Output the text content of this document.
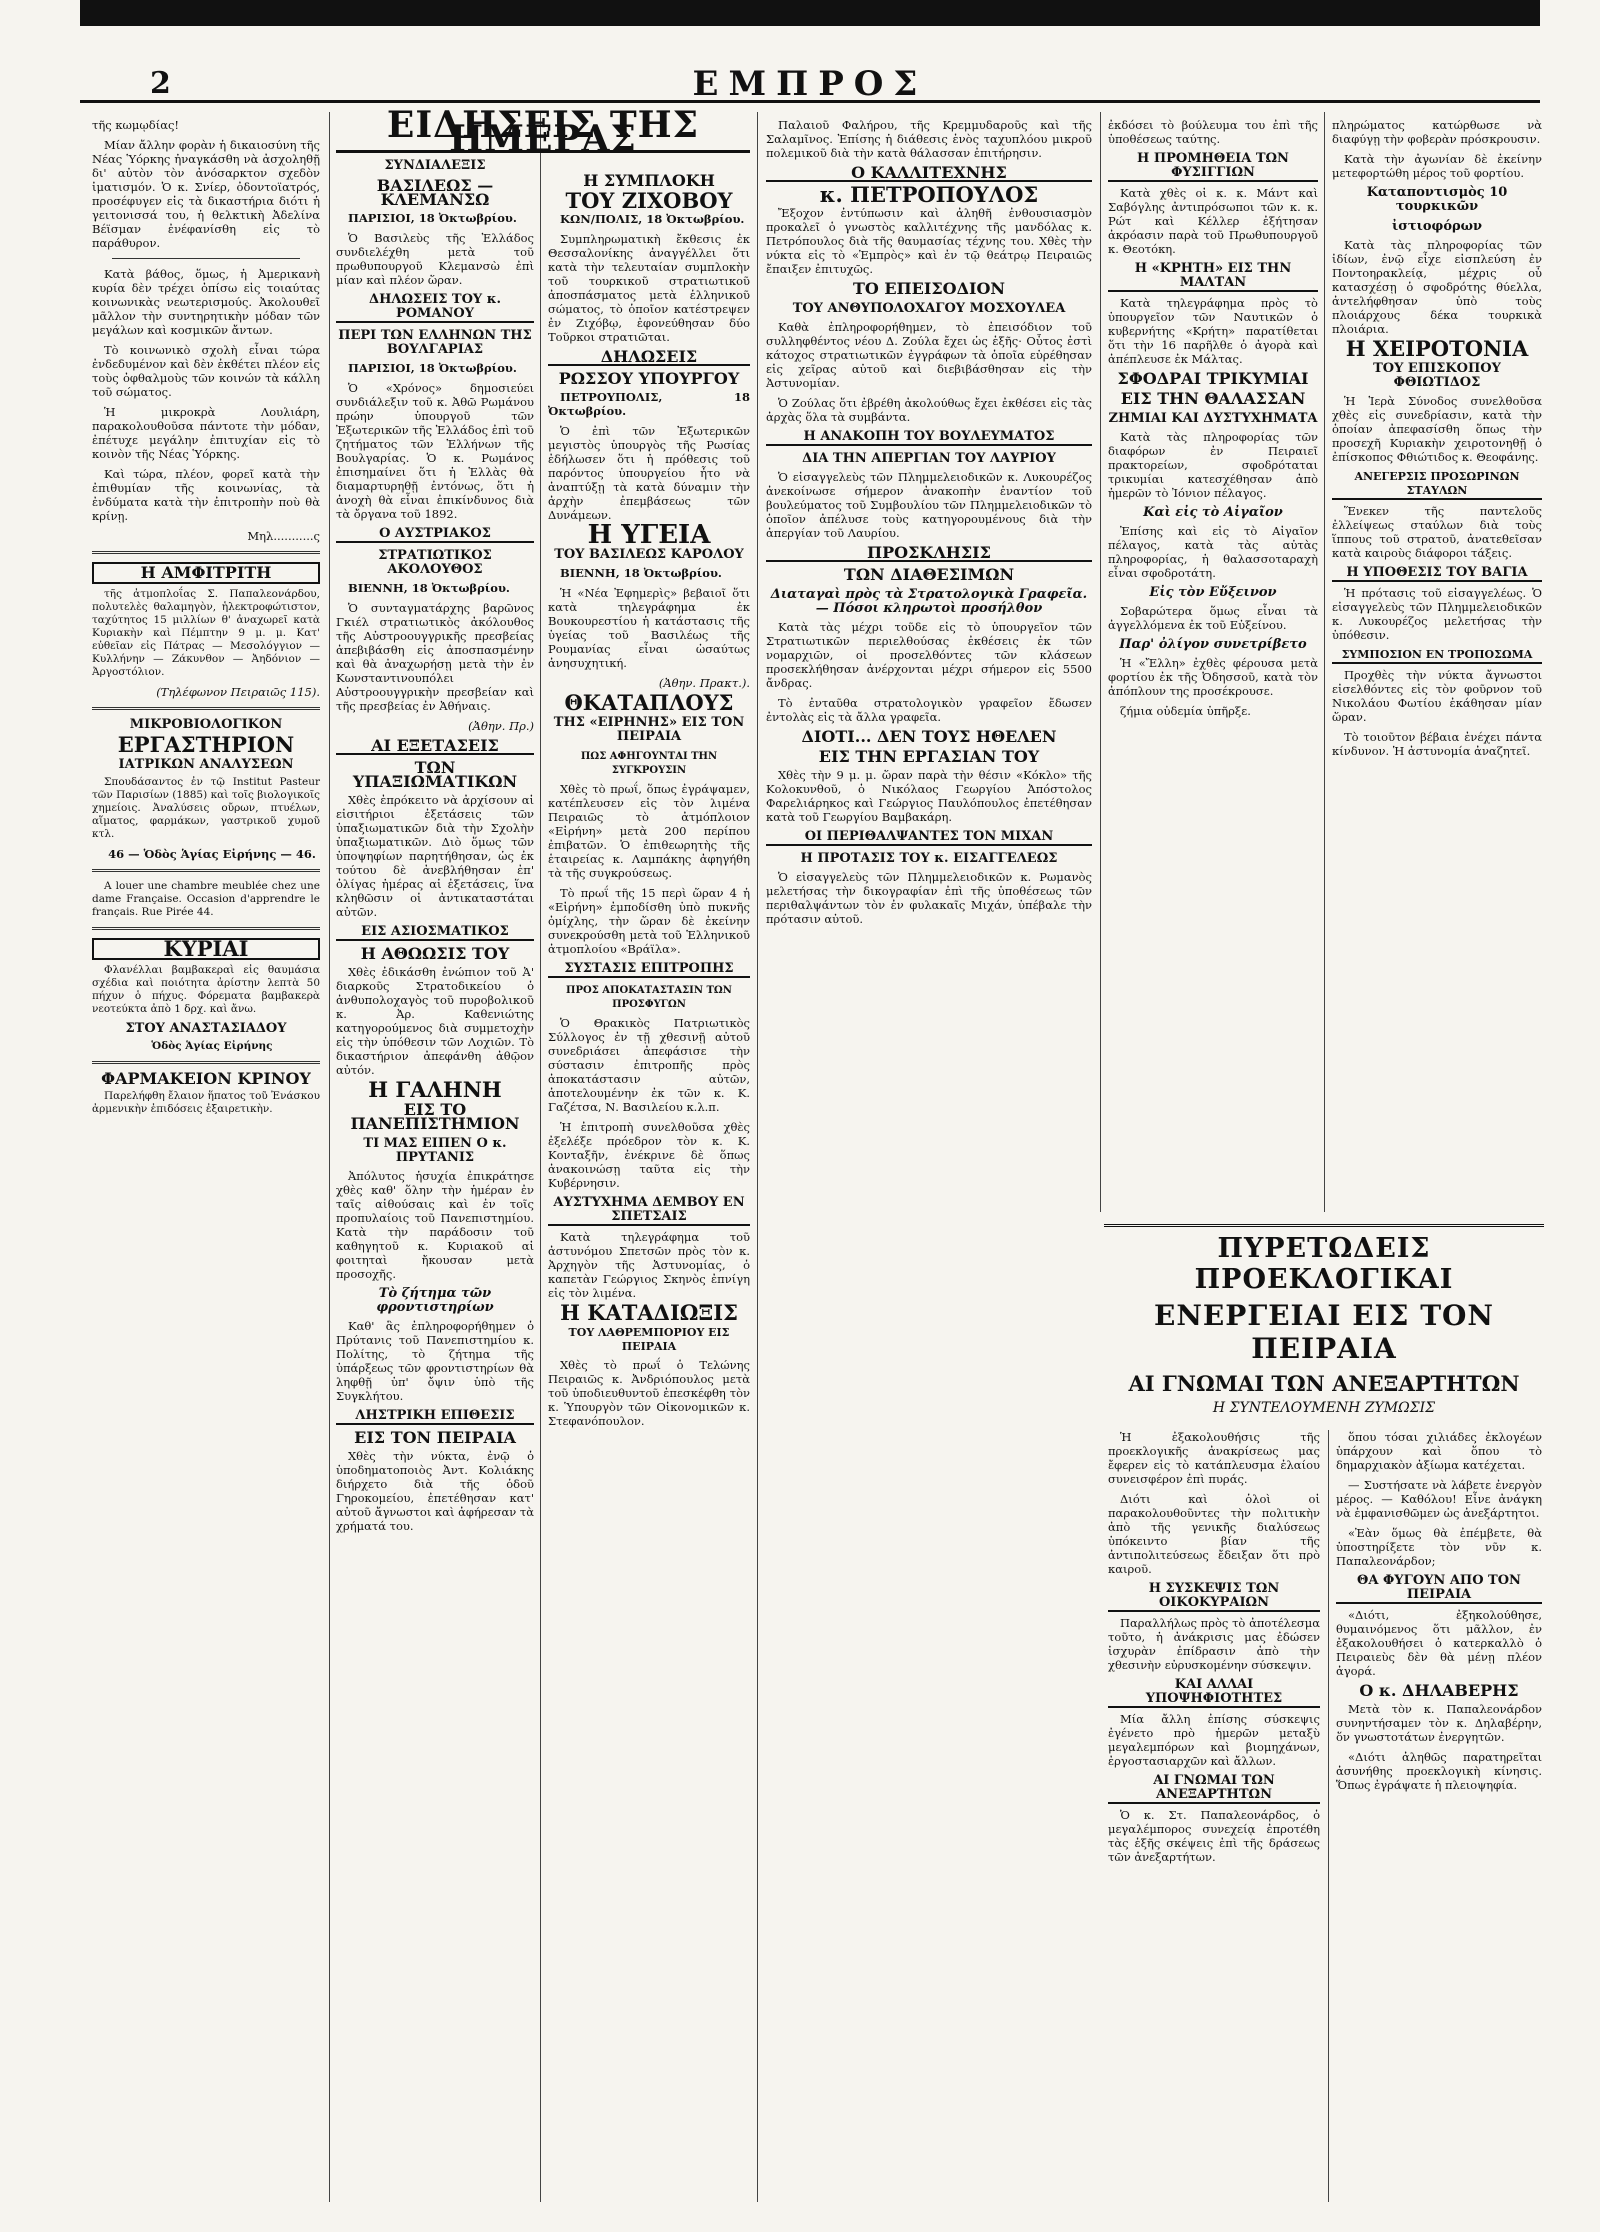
2	ΕΜΠΡΟΣ

τῆς κωμῳδίας!

Μίαν ἄλλην φορὰν ἡ δικαιοσύνη τῆς Νέας Ὑόρκης ἠναγκάσθη νὰ ἀσχοληθῇ δι' αὐτὸν τὸν ἀνόσαρκτον σχεδὸν ἰματισμόν. Ὁ κ. Σνίερ, ὀδοντοϊατρός, προσέφυγεν εἰς τὰ δικαστήρια διότι ἡ γειτονισσά του, ἡ θελκτικὴ Ἀδελίνα Βέϊσμαν ἐνέφανίσθη εἰς τὸ παράθυρον.

Κατὰ βάθος, ὅμως, ἡ Ἀμερικανὴ κυρία δὲν τρέχει ὀπίσω εἰς τοιαύτας κοινωνικὰς νεωτερισμούς. Ἀκολουθεῖ μᾶλλον τὴν συντηρητικὴν μόδαν τῶν μεγάλων καὶ κοσμικῶν ἄντων.

Τὸ κοινωνικὸ σχολὴ εἶναι τώρα ἐνδεδυμένον καὶ δὲν ἐκθέτει πλέον εἰς τοὺς ὀφθαλμοὺς τῶν κοινών τὰ κάλλη τοῦ σώματος.

Ἡ μικροκρὰ Λουλιάρη, παρακολουθοῦσα πάντοτε τὴν μόδαν, ἐπέτυχε μεγάλην ἐπιτυχίαν εἰς τὸ κοινὸν τῆς Νέας Ὑόρκης.

Καὶ τώρα, πλέον, φορεῖ κατὰ τὴν ἐπιθυμίαν τῆς κοινωνίας, τὰ ἐνδύματα κατὰ τὴν ἐπιτροπὴν ποὺ θὰ κρίνῃ.

Μηλ...........ς

Η ΑΜΦΙΤΡΙΤΗ

τῆς ἀτμοπλοΐας Σ. Παπαλεονάρδου, πολυτελὲς θαλαμηγὸν, ἡλεκτροφώτιστον, ταχύτητος 15 μιλλίων θ' ἀναχωρεῖ κατὰ Κυριακὴν καὶ Πέμπτην 9 μ. μ. Κατ' εὐθεῖαν εἰς Πάτρας — Μεσολόγγιον — Κυλλήνην — Ζάκυνθον — Ἀηδόνιον — Ἀργοστόλιον.

(Τηλέφωνον Πειραιῶς 115).

ΜΙΚΡΟΒΙΟΛΟΓΙΚΟΝ
ΕΡΓΑΣΤΗΡΙΟΝ
ΙΑΤΡΙΚΩΝ ΑΝΑΛΥΣΕΩΝ

Σπουδάσαντος ἐν τῷ Institut Pasteur τῶν Παρισίων (1885) καὶ τοῖς βιολογικοῖς χημείοις. Ἀναλύσεις οὔρων, πτυέλων, αἵματος, φαρμάκων, γαστρικοῦ χυμοῦ κτλ.

46 — Ὁδὸς Ἁγίας Εἰρήνης — 46.

A louer une chambre meublée chez une dame Française. Occasion d'apprendre le français. Rue Pirée 44.

ΚΥΡΙΑΙ

Φλανέλλαι βαμβακεραὶ εἰς θαυμάσια σχέδια καὶ ποιότητα ἀρίστην λεπτὰ 50 πήχυν ὁ πήχυς. Φόρεματα βαμβακερὰ νεοτεύκτα ἀπὸ 1 δρχ. καὶ ἄνω.

ΣΤΟΥ ΑΝΑΣΤΑΣΙΑΔΟΥ

Ὁδὸς Ἁγίας Εἰρήνης

ΦΑΡΜΑΚΕΙΟΝ ΚΡΙΝΟΥ

Παρελήφθη ἔλαιον ἥπατος τοῦ Ἐνάσκου ἀρμενικὴν ἐπιδόσεις ἐξαιρετικὴν.

ΕΙΔΗΣΕΙΣ ΤΗΣ ΗΜΕΡΑΣ
ΣΥΝΔΙΑΛΕΞΙΣ
ΒΑΣΙΛΕΩΣ — ΚΛΕΜΑΝΣΩ

ΠΑΡΙΣΙΟΙ, 18 Ὀκτωβρίου.

Ὁ Βασιλεὺς τῆς Ἑλλάδος συνδιελέχθη μετὰ τοῦ πρωθυπουργοῦ Κλεμανσὼ ἐπὶ μίαν καὶ πλέον ὥραν.

ΔΗΛΩΣΕΙΣ ΤΟΥ κ. ΡΟΜΑΝΟΥ
ΠΕΡΙ ΤΩΝ ΕΛΛΗΝΩΝ ΤΗΣ ΒΟΥΛΓΑΡΙΑΣ

ΠΑΡΙΣΙΟΙ, 18 Ὀκτωβρίου.

Ὁ «Χρόνος» δημοσιεύει συνδιάλεξιν τοῦ κ. Ἀθῶ Ρωμάνου πρώην ὑπουργοῦ τῶν Ἐξωτερικῶν τῆς Ἑλλάδος ἐπὶ τοῦ ζητήματος τῶν Ἑλλήνων τῆς Βουλγαρίας. Ὁ κ. Ρωμάνος ἐπισημαίνει ὅτι ἡ Ἑλλὰς θὰ διαμαρτυρηθῇ ἐντόνως, ὅτι ἡ ἀνοχὴ θὰ εἶναι ἐπικίνδυνος διὰ τὰ ὄργανα τοῦ 1892.

Ο ΑΥΣΤΡΙΑΚΟΣ
ΣΤΡΑΤΙΩΤΙΚΟΣ ΑΚΟΛΟΥΘΟΣ

ΒΙΕΝΝΗ, 18 Ὀκτωβρίου.

Ὁ συνταγματάρχης βαρῶνος Γκιέλ στρατιωτικὸς ἀκόλουθος τῆς Αὐστροουγγρικῆς πρεσβείας ἀπεβιβάσθη εἰς ἀποσπασμένην καὶ θὰ ἀναχωρήσῃ μετὰ τὴν ἐν Κωνσταντινουπόλει Αὐστροουγγρικὴν πρεσβείαν καὶ τῆς πρεσβείας ἐν Ἀθήναις.

(Ἀθην. Πρ.)

ΑΙ ΕΞΕΤΑΣΕΙΣ
ΤΩΝ ΥΠΑΞΙΩΜΑΤΙΚΩΝ

Χθὲς ἐπρόκειτο νὰ ἀρχίσουν αἱ εἰσιτήριοι ἐξετάσεις τῶν ὑπαξιωματικῶν διὰ τὴν Σχολὴν ὑπαξιωματικῶν. Διὸ ὅμως τῶν ὑποψηφίων παρητήθησαν, ὡς ἐκ τούτου δὲ ἀνεβλήθησαν ἐπ' ὀλίγας ἡμέρας αἱ ἐξετάσεις, ἵνα κληθῶσιν οἱ ἀντικαταστάται αὐτῶν.

ΕΙΣ ΑΣΙΟΣΜΑΤΙΚΟΣ
Η ΑΘΩΩΣΙΣ ΤΟΥ

Χθὲς ἐδικάσθη ἐνώπιον τοῦ Ἀ' διαρκοῦς Στρατοδικείου ὁ ἀνθυπολοχαγὸς τοῦ πυροβολικοῦ κ. Ἀρ. Καθενιώτης κατηγορούμενος διὰ συμμετοχὴν εἰς τὴν ὑπόθεσιν τῶν Λοχιῶν. Τὸ δικαστήριον ἀπεφάνθη ἀθῷον αὐτόν.

Η ΓΑΛΗΝΗ
ΕΙΣ ΤΟ ΠΑΝΕΠΙΣΤΗΜΙΟΝ
ΤΙ ΜΑΣ ΕΙΠΕΝ Ο κ. ΠΡΥΤΑΝΙΣ

Ἀπόλυτος ἡσυχία ἐπικράτησε χθὲς καθ' ὅλην τὴν ἡμέραν ἐν ταῖς αἰθούσαις καὶ ἐν τοῖς προπυλαίοις τοῦ Πανεπιστημίου. Κατὰ τὴν παράδοσιν τοῦ καθηγητοῦ κ. Κυριακοῦ αἱ φοιτηταὶ ἤκουσαν μετὰ προσοχῆς.

Τὸ ζήτημα τῶν φροντιστηρίων

Καθ' ἃς ἐπληροφορήθημεν ὁ Πρύτανις τοῦ Πανεπιστημίου κ. Πολίτης, τὸ ζήτημα τῆς ὑπάρξεως τῶν φροντιστηρίων θὰ ληφθῇ ὑπ' ὄψιν ὑπὸ τῆς Συγκλήτου.

ΛΗΣΤΡΙΚΗ ΕΠΙΘΕΣΙΣ
ΕΙΣ ΤΟΝ ΠΕΙΡΑΙΑ

Χθὲς τὴν νύκτα, ἐνῷ ὁ ὑποδηματοποιὸς Ἀντ. Κολιάκης διήρχετο διὰ τῆς ὁδοῦ Γηροκομείου, ἐπετέθησαν κατ' αὐτοῦ ἄγνωστοι καὶ ἀφήρεσαν τὰ χρήματά του.

Η ΣΥΜΠΛΟΚΗ
ΤΟΥ ΖΙΧΟΒΟΥ

ΚΩΝ/ΠΟΛΙΣ, 18 Ὀκτωβρίου.

Συμπληρωματικὴ ἔκθεσις ἐκ Θεσσαλονίκης ἀναγγέλλει ὅτι κατὰ τὴν τελευταίαν συμπλοκὴν τοῦ τουρκικοῦ στρατιωτικοῦ ἀποσπάσματος μετὰ ἑλληνικοῦ σώματος, τὸ ὁποῖον κατέστρεψεν ἐν Ζιχόβῳ, ἐφονεύθησαν δύο Τοῦρκοι στρατιῶται.

ΔΗΛΩΣΕΙΣ
ΡΩΣΣΟΥ ΥΠΟΥΡΓΟΥ

ΠΕΤΡΟΥΠΟΛΙΣ, 18 Ὀκτωβρίου.

Ὁ ἐπὶ τῶν Ἐξωτερικῶν μεγιστὸς ὑπουργὸς τῆς Ρωσίας ἐδήλωσεν ὅτι ἡ πρόθεσις τοῦ παρόντος ὑπουργείου ἦτο νὰ ἀναπτύξῃ τὰ κατὰ δύναμιν τὴν ἀρχὴν ἐπεμβάσεως τῶν Δυνάμεων.

Η ΥΓΕΙΑ
ΤΟΥ ΒΑΣΙΛΕΩΣ ΚΑΡΟΛΟΥ

ΒΙΕΝΝΗ, 18 Ὀκτωβρίου.

Ἡ «Νέα Ἐφημερὶς» βεβαιοῖ ὅτι κατὰ τηλεγράφημα ἐκ Βουκουρεστίου ἡ κατάστασις τῆς ὑγείας τοῦ Βασιλέως τῆς Ρουμανίας εἶναι ὡσαύτως ἀνησυχητική.

(Ἀθην. Πρακτ.).

ΘΚΑΤΑΠΛΟΥΣ
ΤΗΣ «ΕΙΡΗΝΗΣ» ΕΙΣ ΤΟΝ ΠΕΙΡΑΙΑ
ΠΩΣ ΑΦΗΓΟΥΝΤΑΙ ΤΗΝ ΣΥΓΚΡΟΥΣΙΝ

Χθὲς τὸ πρωΐ, ὅπως ἐγράψαμεν, κατέπλευσεν εἰς τὸν λιμένα Πειραιῶς τὸ ἀτμόπλοιον «Εἰρήνη» μετὰ 200 περίπου ἐπιβατῶν. Ὁ ἐπιθεωρητὴς τῆς ἑταιρείας κ. Λαμπάκης ἀφηγήθη τὰ τῆς συγκρούσεως.

Τὸ πρωΐ τῆς 15 περὶ ὥραν 4 ἡ «Εἰρήνη» ἐμποδίσθη ὑπὸ πυκνῆς ὀμίχλης, τὴν ὥραν δὲ ἐκείνην συνεκρούσθη μετὰ τοῦ Ἑλληνικοῦ ἀτμοπλοίου «Βράϊλα».

ΣΥΣΤΑΣΙΣ ΕΠΙΤΡΟΠΗΣ
ΠΡΟΣ ΑΠΟΚΑΤΑΣΤΑΣΙΝ ΤΩΝ ΠΡΟΣΦΥΓΩΝ

Ὁ Θρακικὸς Πατριωτικὸς Σύλλογος ἐν τῇ χθεσινῇ αὐτοῦ συνεδριάσει ἀπεφάσισε τὴν σύστασιν ἐπιτροπῆς πρὸς ἀποκατάστασιν αὐτῶν, ἀποτελουμένην ἐκ τῶν κ. Κ. Γαζέτσα, Ν. Βασιλείου κ.λ.π.

Ἡ ἐπιτροπὴ συνελθοῦσα χθὲς ἐξελέξε πρόεδρον τὸν κ. Κ. Κονταξῆν, ἐνέκρινε δὲ ὅπως ἀνακοινώσῃ ταῦτα εἰς τὴν Κυβέρνησιν.

ΑΥΣΤΥΧΗΜΑ ΔΕΜΒΟΥ ΕΝ ΣΠΕΤΣΑΙΣ

Κατὰ τηλεγράφημα τοῦ ἀστυνόμου Σπετσῶν πρὸς τὸν κ. Ἀρχηγὸν τῆς Ἀστυνομίας, ὁ καπετὰν Γεώργιος Σκηνὸς ἐπνίγη εἰς τὸν λιμένα.

Η ΚΑΤΑΔΙΩΞΙΣ
ΤΟΥ ΛΑΘΡΕΜΠΟΡΙΟΥ ΕΙΣ ΠΕΙΡΑΙΑ

Χθὲς τὸ πρωΐ ὁ Τελώνης Πειραιῶς κ. Ἀνδριόπουλος μετὰ τοῦ ὑποδιευθυντοῦ ἐπεσκέφθη τὸν κ. Ὑπουργὸν τῶν Οἰκονομικῶν κ. Στεφανόπουλον.

Παλαιοῦ Φαλήρου, τῆς Κρεμμυδαροῦς καὶ τῆς Σαλαμῖνος. Ἐπίσης ἡ διάθεσις ἑνὸς ταχυπλόου μικροῦ πολεμικοῦ διὰ τὴν κατὰ θάλασσαν ἐπιτήρησιν.

Ο ΚΑΛΛΙΤΕΧΝΗΣ
κ. ΠΕΤΡΟΠΟΥΛΟΣ

Ἔξοχον ἐντύπωσιν καὶ ἀληθῆ ἐνθουσιασμὸν προκαλεῖ ὁ γνωστὸς καλλιτέχνης τῆς μανδόλας κ. Πετρόπουλος διὰ τῆς θαυμασίας τέχνης του. Χθὲς τὴν νύκτα εἰς τὸ «Ἐμπρὸς» καὶ ἐν τῷ θεάτρῳ Πειραιῶς ἔπαιξεν ἐπιτυχῶς.

ΤΟ ΕΠΕΙΣΟΔΙΟΝ
ΤΟΥ ΑΝΘΥΠΟΛΟΧΑΓΟΥ ΜΟΣΧΟΥΛΕΑ

Καθὰ ἐπληροφορήθημεν, τὸ ἐπεισόδιον τοῦ συλληφθέντος νέου Δ. Ζούλα ἔχει ὡς ἑξῆς· Οὗτος ἐστὶ κάτοχος στρατιωτικῶν ἐγγράφων τὰ ὁποῖα εὑρέθησαν εἰς χεῖρας αὐτοῦ καὶ διεβιβάσθησαν εἰς τὴν Ἀστυνομίαν.

Ὁ Ζούλας ὅτι ἐβρέθη ἀκολούθως ἔχει ἐκθέσει εἰς τὰς ἀρχὰς ὅλα τὰ συμβάντα.

Η ΑΝΑΚΟΠΗ ΤΟΥ ΒΟΥΛΕΥΜΑΤΟΣ
ΔΙΑ ΤΗΝ ΑΠΕΡΓΙΑΝ ΤΟΥ ΛΑΥΡΙΟΥ

Ὁ εἰσαγγελεὺς τῶν Πλημμελειοδικῶν κ. Λυκουρέζος ἀνεκοίνωσε σήμερον ἀνακοπὴν ἐναντίον τοῦ βουλεύματος τοῦ Συμβουλίου τῶν Πλημμελειοδικῶν τὸ ὁποῖον ἀπέλυσε τοὺς κατηγορουμένους διὰ τὴν ἀπεργίαν τοῦ Λαυρίου.

ΠΡΟΣΚΛΗΣΙΣ
ΤΩΝ ΔΙΑΘΕΣΙΜΩΝ
Διαταγαὶ πρὸς τὰ Στρατολογικὰ Γραφεῖα.— Πόσοι κληρωτοὶ προσήλθον

Κατὰ τὰς μέχρι τοῦδε εἰς τὸ ὑπουργεῖον τῶν Στρατιωτικῶν περιελθούσας ἐκθέσεις ἐκ τῶν νομαρχιῶν, οἱ προσελθόντες τῶν κλάσεων προσεκλήθησαν ἀνέρχονται μέχρι σήμερον εἰς 5500 ἄνδρας.

Τὸ ἐνταῦθα στρατολογικὸν γραφεῖον ἔδωσεν ἐντολὰς εἰς τὰ ἄλλα γραφεῖα.

ΔΙΟΤΙ... ΔΕΝ ΤΟΥΣ ΗΘΕΛΕΝ
ΕΙΣ ΤΗΝ ΕΡΓΑΣΙΑΝ ΤΟΥ

Χθὲς τὴν 9 μ. μ. ὥραν παρὰ τὴν θέσιν «Κόκλο» τῆς Κολοκυνθοῦ, ὁ Νικόλαος Γεωργίου Ἀπόστολος Φαρελιάρηκος καὶ Γεώργιος Παυλόπουλος ἐπετέθησαν κατὰ τοῦ Γεωργίου Βαμβακάρη.

ΟΙ ΠΕΡΙΘΑΛΨΑΝΤΕΣ ΤΟΝ ΜΙΧΑΝ
Η ΠΡΟΤΑΣΙΣ ΤΟΥ κ. ΕΙΣΑΓΓΕΛΕΩΣ

Ὁ εἰσαγγελεὺς τῶν Πλημμελειοδικῶν κ. Ρωμανὸς μελετήσας τὴν δικογραφίαν ἐπὶ τῆς ὑποθέσεως τῶν περιθαλψάντων τὸν ἐν φυλακαῖς Μιχάν, ὑπέβαλε τὴν πρότασιν αὐτοῦ.

ἐκδόσει τὸ βούλευμα του ἐπὶ τῆς ὑποθέσεως ταύτης.

Η ΠΡΟΜΗΘΕΙΑ ΤΩΝ ΦΥΣΙΓΓΙΩΝ

Κατὰ χθὲς οἱ κ. κ. Μάντ καὶ Σαβόγλης ἀντιπρόσωποι τῶν κ. κ. Ρώτ καὶ Κέλλερ ἐξήτησαν ἀκρόασιν παρὰ τοῦ Πρωθυπουργοῦ κ. Θεοτόκη.

Η «ΚΡΗΤΗ» ΕΙΣ ΤΗΝ ΜΑΛΤΑΝ

Κατὰ τηλεγράφημα πρὸς τὸ ὑπουργεῖον τῶν Ναυτικῶν ὁ κυβερνήτης «Κρήτη» παρατίθεται ὅτι τὴν 16 παρῆλθε ὁ ἀγορὰ καὶ ἀπέπλευσε ἐκ Μάλτας.

ΣΦΟΔΡΑΙ ΤΡΙΚΥΜΙΑΙ
ΕΙΣ ΤΗΝ ΘΑΛΑΣΣΑΝ
ΖΗΜΙΑΙ ΚΑΙ ΔΥΣΤΥΧΗΜΑΤΑ

Κατὰ τὰς πληροφορίας τῶν διαφόρων ἐν Πειραιεῖ πρακτορείων, σφοδρόταται τρικυμίαι κατεσχέθησαν ἀπὸ ἡμερῶν τὸ Ἰόνιον πέλαγος.

Καὶ εἰς τὸ Αἰγαῖον

Ἐπίσης καὶ εἰς τὸ Αἰγαῖον πέλαγος, κατὰ τὰς αὐτὰς πληροφορίας, ἡ θαλασσοταραχὴ εἶναι σφοδροτάτη.

Εἰς τὸν Εὔξεινον

Σοβαρώτερα ὅμως εἶναι τὰ ἀγγελλόμενα ἐκ τοῦ Εὐξείνου.

Παρ' ὀλίγον συνετρίβετο

Ἡ «Ἔλλη» ἐχθὲς φέρουσα μετὰ φορτίου ἐκ τῆς Ὀδησσοῦ, κατὰ τὸν ἀπόπλουν της προσέκρουσε.

ζήμια οὐδεμία ὑπῆρξε.

πληρώματος κατώρθωσε νὰ διαφύγῃ τὴν φοβερὰν πρόσκρουσιν.

Κατὰ τὴν ἀγωνίαν δὲ ἐκείνην μετεφορτώθη μέρος τοῦ φορτίου.

Καταποντισμὸς 10 τουρκικῶν
ἰστιοφόρων

Κατὰ τὰς πληροφορίας τῶν ἰδίων, ἐνῷ εἶχε εἰσπλεύση ἐν Ποντοηρακλείᾳ, μέχρις οὗ κατασχέσῃ ὁ σφοδρότης θύελλα, ἀντελήφθησαν ὑπὸ τοὺς πλοιάρχους δέκα τουρκικὰ πλοιάρια.

Η ΧΕΙΡΟΤΟΝΙΑ
ΤΟΥ ΕΠΙΣΚΟΠΟΥ ΦΘΙΩΤΙΔΟΣ

Ἡ Ἱερὰ Σύνοδος συνελθοῦσα χθὲς εἰς συνεδρίασιν, κατὰ τὴν ὁποίαν ἀπεφασίσθη ὅπως τὴν προσεχῆ Κυριακὴν χειροτονηθῇ ὁ ἐπίσκοπος Φθιώτιδος κ. Θεοφάνης.

ΑΝΕΓΕΡΣΙΣ ΠΡΟΣΩΡΙΝΩΝ ΣΤΑΥΛΩΝ

Ἕνεκεν τῆς παντελοῦς ἐλλείψεως σταύλων διὰ τοὺς ἵππους τοῦ στρατοῦ, ἀνατεθεῖσαν κατὰ καιροὺς διάφοροι τάξεις.

Η ΥΠΟΘΕΣΙΣ ΤΟΥ ΒΑΓΙΑ

Ἡ πρότασις τοῦ εἰσαγγελέως. Ὁ εἰσαγγελεὺς τῶν Πλημμελειοδικῶν κ. Λυκουρέζος μελετήσας τὴν ὑπόθεσιν.

ΣΥΜΠΟΣΙΟΝ ΕΝ ΤΡΟΠΟΣΩΜΑ

Προχθὲς τὴν νύκτα ἄγνωστοι εἰσελθόντες εἰς τὸν φοῦρνον τοῦ Νικολάου Φωτίου ἐκάθησαν μίαν ὥραν.

Τὸ τοιοῦτον βέβαια ἐνέχει πάντα κίνδυνον. Ἡ ἀστυνομία ἀναζητεῖ.

ΠΥΡΕΤΩΔΕΙΣ ΠΡΟΕΚΛΟΓΙΚΑΙ
ΕΝΕΡΓΕΙΑΙ ΕΙΣ ΤΟΝ ΠΕΙΡΑΙΑ
ΑΙ ΓΝΩΜΑΙ ΤΩΝ ΑΝΕΞΑΡΤΗΤΩΝ
Η ΣΥΝΤΕΛΟΥΜΕΝΗ ΖΥΜΩΣΙΣ

Ἡ ἐξακολουθήσις τῆς προεκλογικῆς ἀνακρίσεως μας ἔφερεν εἰς τὸ κατάπλευσμα ἐλαίου συνεισφέρον ἐπὶ πυράς.

Διότι καὶ ὁλοὶ οἱ παρακολουθοῦντες τὴν πολιτικὴν ἀπὸ τῆς γενικῆς διαλύσεως ὑπόκειντο βίαν τῆς ἀντιπολιτεύσεως ἔδειξαν ὅτι πρὸ καιροῦ.

Η ΣΥΣΚΕΨΙΣ ΤΩΝ ΟΙΚΟΚΥΡΑΙΩΝ

Παραλλήλως πρὸς τὸ ἀποτέλεσμα τοῦτο, ἡ ἀνάκρισις μας ἐδώσεν ἰσχυρὰν ἐπίδρασιν ἀπὸ τὴν χθεσινὴν εὐρυσκομένην σύσκεψιν.

ΚΑΙ ΑΛΛΑΙ ΥΠΟΨΗΦΙΟΤΗΤΕΣ

Μία ἄλλη ἐπίσης σύσκεψις ἐγένετο πρὸ ἡμερῶν μεταξὺ μεγαλεμπόρων καὶ βιομηχάνων, ἐργοστασιαρχῶν καὶ ἄλλων.

ΑΙ ΓΝΩΜΑΙ ΤΩΝ ΑΝΕΞΑΡΤΗΤΩΝ

Ὁ κ. Στ. Παπαλεονάρδος, ὁ μεγαλέμπορος συνεχείᾳ ἐπροτέθη τὰς ἑξῆς σκέψεις ἐπὶ τῆς δράσεως τῶν ἀνεξαρτήτων.

ὅπου τόσαι χιλιάδες ἐκλογέων ὑπάρχουν καὶ ὅπου τὸ δημαρχιακὸν ἀξίωμα κατέχεται.

— Συστήσατε νὰ λάβετε ἐνεργὸν μέρος. — Καθόλου! Εἶνε ἀνάγκη νὰ ἐμφανισθῶμεν ὡς ἀνεξάρτητοι.

«Ἐὰν ὅμως θὰ ἐπέμβετε, θὰ ὑποστηρίξετε τὸν νῦν κ. Παπαλεονάρδον;

ΘΑ ΦΥΓΟΥΝ ΑΠΟ ΤΟΝ ΠΕΙΡΑΙΑ

«Διότι, ἐξηκολούθησε, θυμαινόμενος ὅτι μᾶλλον, ἐν ἐξακολουθήσει ὁ κατερκαλλὸ ὁ Πειραιεὺς δὲν θὰ μένῃ πλέον ἀγορά.

Ο κ. ΔΗΛΑΒΕΡΗΣ

Μετὰ τὸν κ. Παπαλεονάρδον συνηντήσαμεν τὸν κ. Δηλαβέρην, ὅν γνωστοτάτων ἐνεργητῶν.

«Διότι ἀληθῶς παρατηρεῖται ἀσυνήθης προεκλογικὴ κίνησις. Ὅπως ἐγράψατε ἡ πλειοψηφία.
